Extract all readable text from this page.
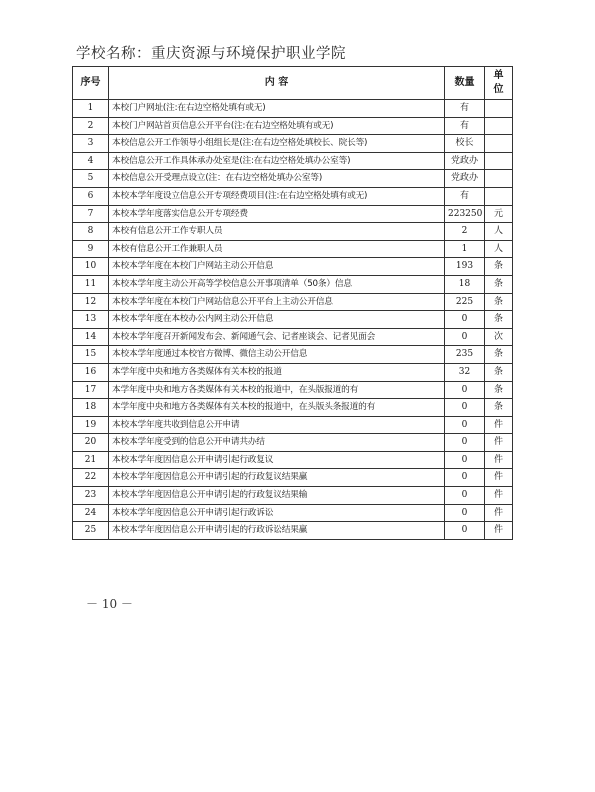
学校名称：重庆资源与环境保护职业学院
序号	内 容	数量	单
位
1	本校门户网址(注:在右边空格处填有或无)	有	
2	本校门户网站首页信息公开平台(注:在右边空格处填有或无)	有	
3	本校信息公开工作领导小组组长是(注:在右边空格处填校长、院长等)	校长	
4	本校信息公开工作具体承办处室是(注:在右边空格处填办公室等)	党政办	
5	本校信息公开受理点设立(注：在右边空格处填办公室等)	党政办	
6	本校本学年度设立信息公开专项经费项目(注:在右边空格处填有或无)	有	
7	本校本学年度落实信息公开专项经费	223250	元
8	本校有信息公开工作专职人员	2	人
9	本校有信息公开工作兼职人员	1	人
10	本校本学年度在本校门户网站主动公开信息	193	条
11	本校本学年度主动公开高等学校信息公开事项清单（50条）信息	18	条
12	本校本学年度在本校门户网站信息公开平台上主动公开信息	225	条
13	本校本学年度在本校办公内网主动公开信息	0	条
14	本校本学年度召开新闻发布会、新闻通气会、记者座谈会、记者见面会	0	次
15	本校本学年度通过本校官方微博、微信主动公开信息	235	条
16	本学年度中央和地方各类媒体有关本校的报道	32	条
17	本学年度中央和地方各类媒体有关本校的报道中，在头版报道的有	0	条
18	本学年度中央和地方各类媒体有关本校的报道中，在头版头条报道的有	0	条
19	本校本学年度共收到信息公开申请	0	件
20	本校本学年度受到的信息公开申请共办结	0	件
21	本校本学年度因信息公开申请引起行政复议	0	件
22	本校本学年度因信息公开申请引起的行政复议结果赢	0	件
23	本校本学年度因信息公开申请引起的行政复议结果输	0	件
24	本校本学年度因信息公开申请引起行政诉讼	0	件
25	本校本学年度因信息公开申请引起的行政诉讼结果赢	0	件
－ 10 －
